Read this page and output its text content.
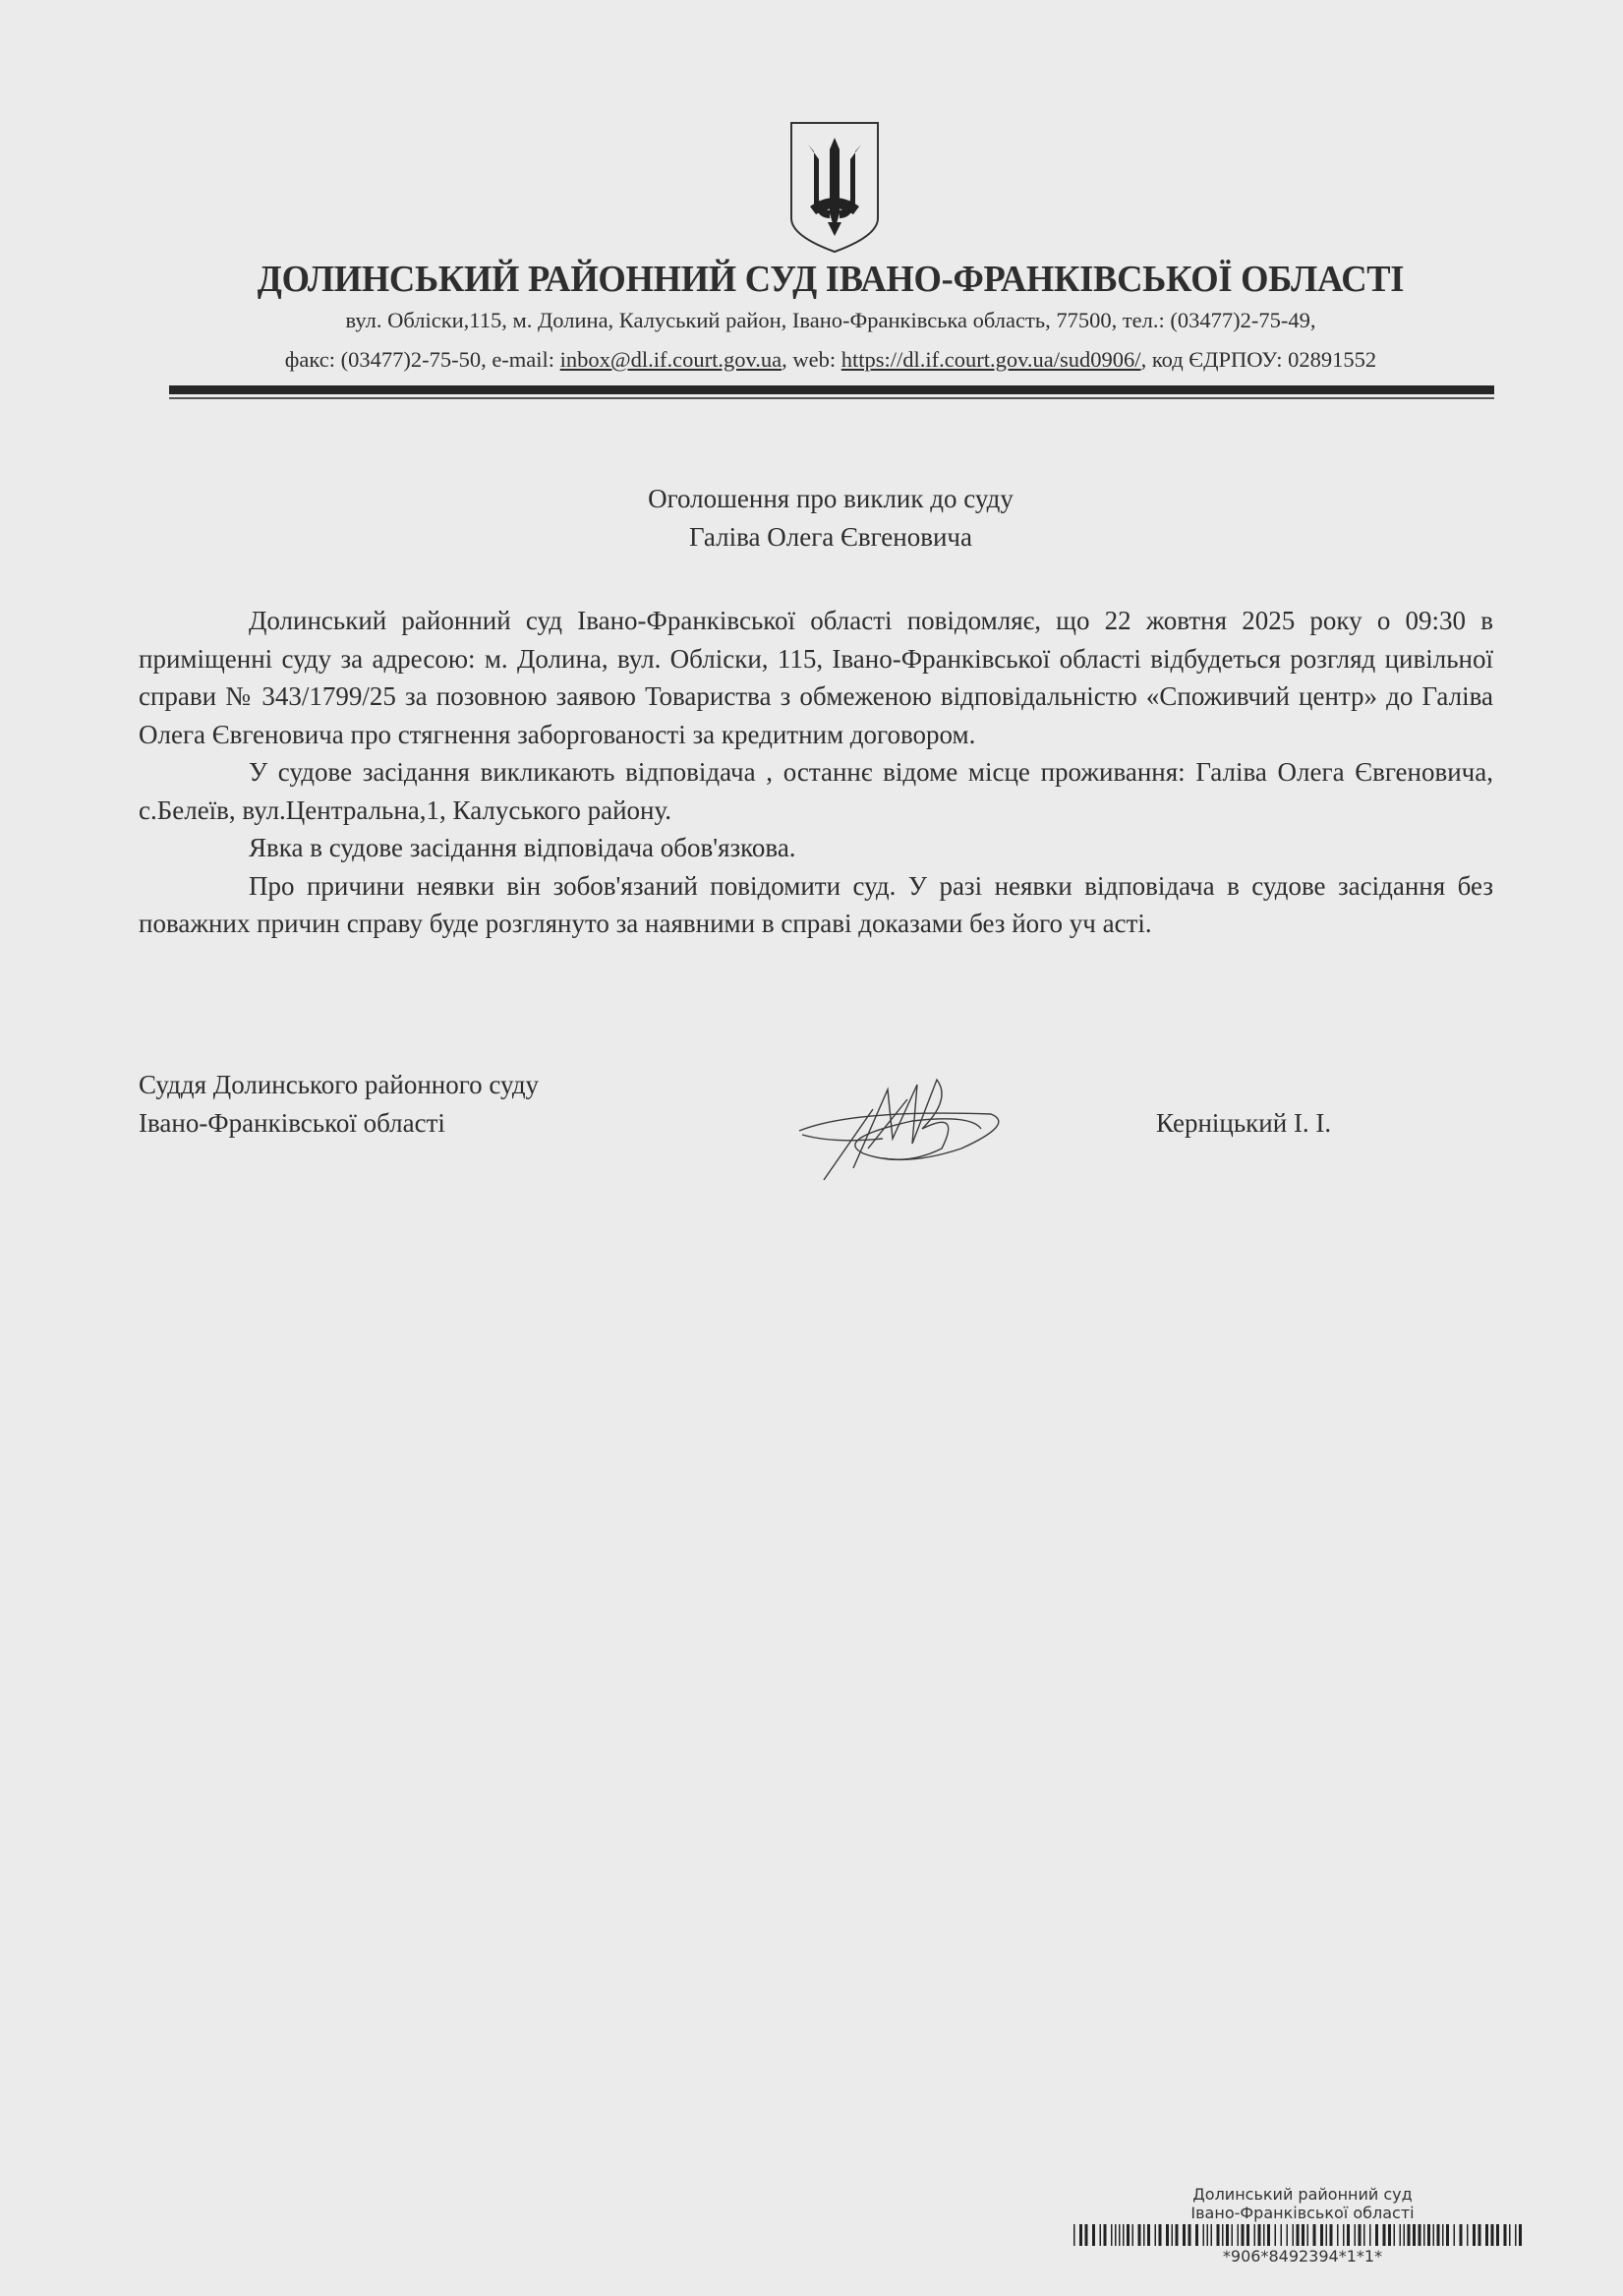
ДОЛИНСЬКИЙ РАЙОННИЙ СУД ІВАНО-ФРАНКІВСЬКОЇ ОБЛАСТІ
вул. Обліски,115, м. Долина, Калуський район, Івано-Франківська область, 77500, тел.: (03477)2-75-49,
факс: (03477)2-75-50, e-mail: inbox@dl.if.court.gov.ua, web: https://dl.if.court.gov.ua/sud0906/, код ЄДРПОУ: 02891552
Оголошення про виклик до суду
Галіва Олега Євгеновича

Долинський районний суд Івано-Франківської області повідомляє, що 22 жовтня 2025 року о 09:30 в приміщенні суду за адресою: м. Долина, вул. Обліски, 115, Івано-Франківської області відбудеться розгляд цивільної справи № 343/1799/25 за позовною заявою Товариства з обмеженою відповідальністю «Споживчий центр» до Галіва Олега Євгеновича про стягнення заборгованості за кредитним договором.

У судове засідання викликають відповідача , останнє відоме місце проживання: Галіва Олега Євгеновича, с.Белеїв, вул.Центральна,1, Калуського району.

Явка в судове засідання відповідача обов'язкова.

Про причини неявки він зобов'язаний повідомити суд. У разі неявки відповідача в судове засідання без поважних причин справу буде розглянуто за наявними в справі доказами без його уч асті.

Суддя Долинського районного суду
Івано-Франківської області	Керніцький І. І.
Долинський районний суд
Івано-Франківської області
*906*8492394*1*1*
